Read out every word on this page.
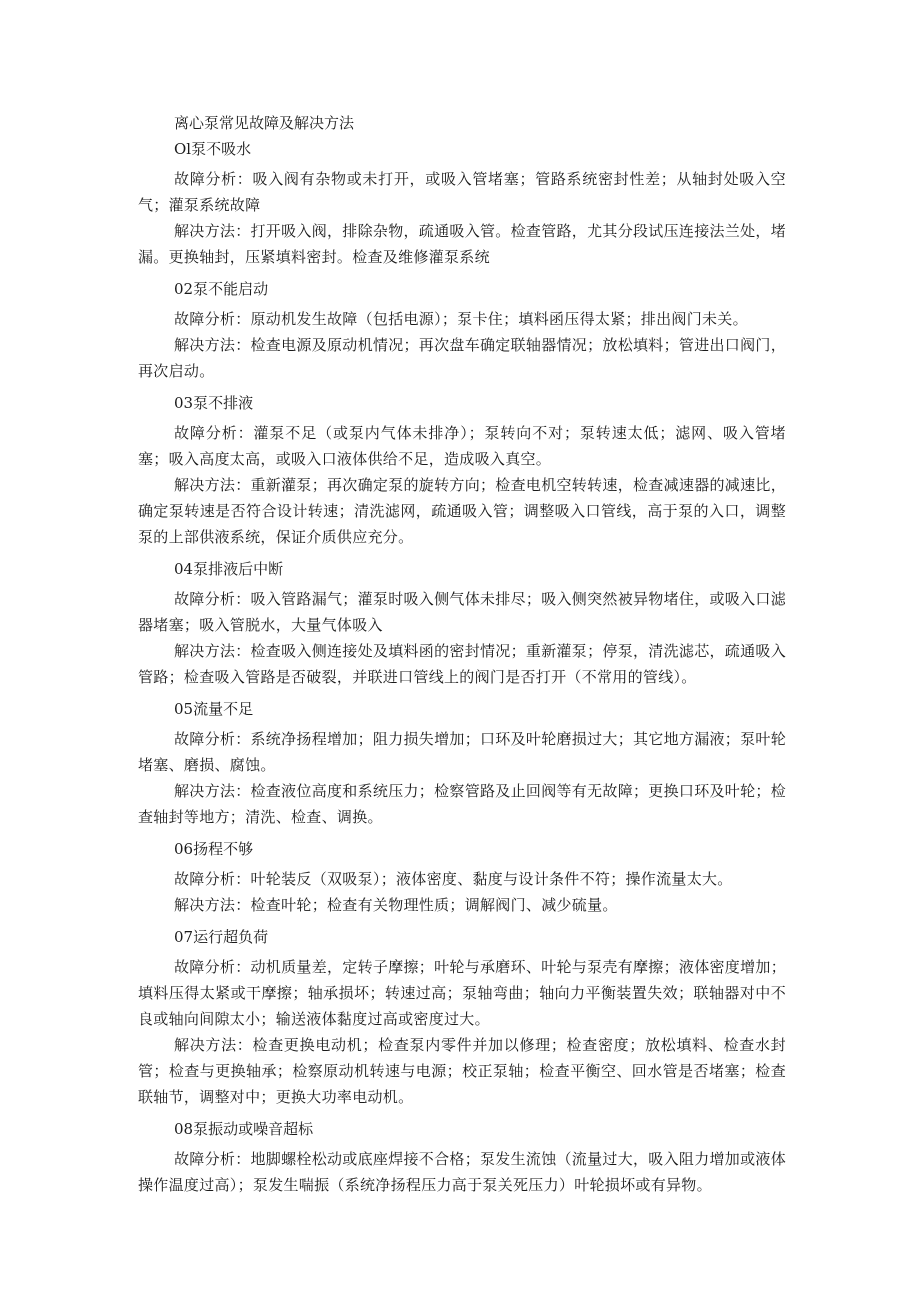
离心泵常见故障及解决方法
Ol泵不吸水

故障分析：吸入阀有杂物或未打开，或吸入管堵塞；管路系统密封性差；从轴封处吸入空气；灌泵系统故障

解决方法：打开吸入阀，排除杂物，疏通吸入管。检查管路，尤其分段试压连接法兰处，堵漏。更换轴封，压紧填料密封。检查及维修灌泵系统

02泵不能启动

故障分析：原动机发生故障（包括电源）；泵卡住；填料函压得太紧；排出阀门未关。

解决方法：检查电源及原动机情况；再次盘车确定联轴器情况；放松填料；管进出口阀门，再次启动。

03泵不排液

故障分析：灌泵不足（或泵内气体未排净）；泵转向不对；泵转速太低；滤网、吸入管堵塞；吸入高度太高，或吸入口液体供给不足，造成吸入真空。

解决方法：重新灌泵；再次确定泵的旋转方向；检查电机空转转速，检查减速器的减速比，确定泵转速是否符合设计转速；清洗滤网，疏通吸入管；调整吸入口管线，高于泵的入口，调整泵的上部供液系统，保证介质供应充分。

04泵排液后中断

故障分析：吸入管路漏气；灌泵时吸入侧气体未排尽；吸入侧突然被异物堵住，或吸入口滤器堵塞；吸入管脱水，大量气体吸入

解决方法：检查吸入侧连接处及填料函的密封情况；重新灌泵；停泵，清洗滤芯，疏通吸入管路；检查吸入管路是否破裂，并联进口管线上的阀门是否打开（不常用的管线）。

05流量不足

故障分析：系统净扬程增加；阻力损失增加；口环及叶轮磨损过大；其它地方漏液；泵叶轮堵塞、磨损、腐蚀。

解决方法：检查液位高度和系统压力；检察管路及止回阀等有无故障；更换口环及叶轮；检查轴封等地方；清洗、检查、调换。

06扬程不够

故障分析：叶轮装反（双吸泵）；液体密度、黏度与设计条件不符；操作流量太大。

解决方法：检查叶轮；检查有关物理性质；调解阀门、减少硫量。

07运行超负荷

故障分析：动机质量差，定转子摩擦；叶轮与承磨环、叶轮与泵壳有摩擦；液体密度增加；填料压得太紧或干摩擦；轴承损坏；转速过高；泵轴弯曲；轴向力平衡装置失效；联轴器对中不良或轴向间隙太小；输送液体黏度过高或密度过大。

解决方法：检查更换电动机；检查泵内零件并加以修理；检查密度；放松填料、检查水封管；检查与更换轴承；检察原动机转速与电源；校正泵轴；检查平衡空、回水管是否堵塞；检查联轴节，调整对中；更换大功率电动机。

08泵振动或噪音超标

故障分析：地脚螺栓松动或底座焊接不合格；泵发生流蚀（流量过大，吸入阻力增加或液体操作温度过高）；泵发生喘振（系统净扬程压力高于泵关死压力）叶轮损坏或有异物。
